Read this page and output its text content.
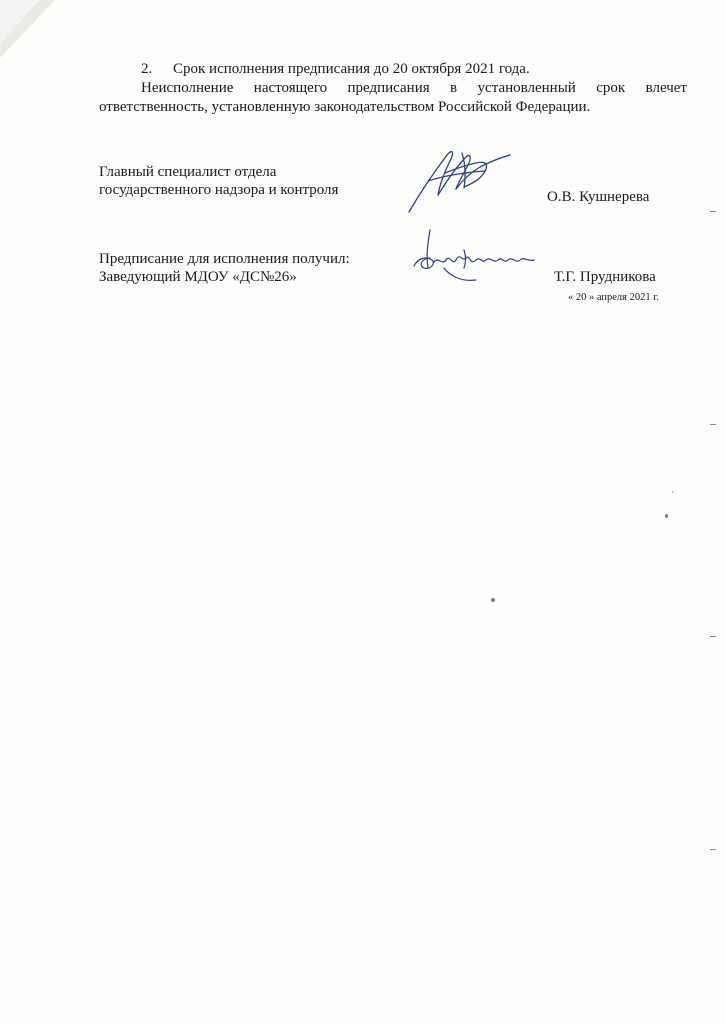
2. Срок исполнения предписания до 20 октября 2021 года.
Неисполнение настоящего предписания в установленный срок влечет
ответственность, установленную законодательством Российской Федерации.
Главный специалист отдела
государственного надзора и контроля	О.В. Кушнерева
Предписание для исполнения получил:
Заведующий МДОУ «ДС№26»	Т.Г. Прудникова
« 20 » апреля 2021 г.
